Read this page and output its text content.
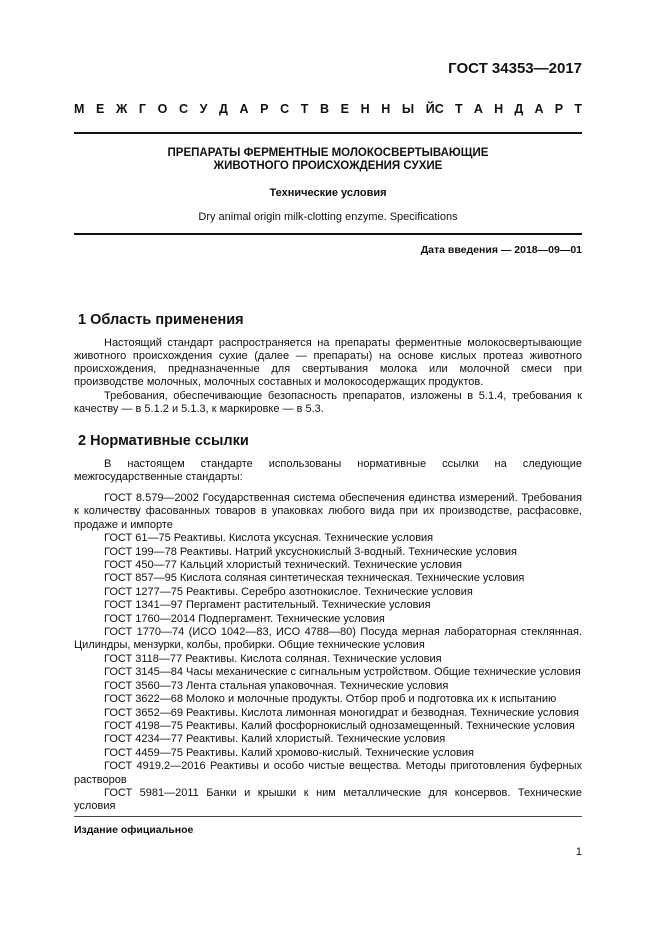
ГОСТ 34353—2017
М Е Ж Г О С У Д А Р С Т В Е Н Н Ы Й С Т А Н Д А Р Т
ПРЕПАРАТЫ ФЕРМЕНТНЫЕ МОЛОКОСВЕРТЫВАЮЩИЕ
ЖИВОТНОГО ПРОИСХОЖДЕНИЯ СУХИЕ
Технические условия
Dry animal origin milk-clotting enzyme. Specifications
Дата введения — 2018—09—01
1 Область применения
Настоящий стандарт распространяется на препараты ферментные молокосвертывающие животного происхождения сухие (далее — препараты) на основе кислых протеаз животного происхождения, предназначенные для свертывания молока или молочной смеси при производстве молочных, молочных составных и молокосодержащих продуктов.
Требования, обеспечивающие безопасность препаратов, изложены в 5.1.4, требования к качеству — в 5.1.2 и 5.1.3, к маркировке — в 5.3.
2 Нормативные ссылки
В настоящем стандарте использованы нормативные ссылки на следующие межгосударственные стандарты:
ГОСТ 8.579—2002 Государственная система обеспечения единства измерений. Требования к количеству фасованных товаров в упаковках любого вида при их производстве, расфасовке, продаже и импорте
ГОСТ 61—75 Реактивы. Кислота уксусная. Технические условия
ГОСТ 199—78 Реактивы. Натрий уксуснокислый 3-водный. Технические условия
ГОСТ 450—77 Кальций хлористый технический. Технические условия
ГОСТ 857—95 Кислота соляная синтетическая техническая. Технические условия
ГОСТ 1277—75 Реактивы. Серебро азотнокислое. Технические условия
ГОСТ 1341—97 Пергамент растительный. Технические условия
ГОСТ 1760—2014 Подпергамент. Технические условия
ГОСТ 1770—74 (ИСО 1042—83, ИСО 4788—80) Посуда мерная лабораторная стеклянная. Цилиндры, мензурки, колбы, пробирки. Общие технические условия
ГОСТ 3118—77 Реактивы. Кислота соляная. Технические условия
ГОСТ 3145—84 Часы механические с сигнальным устройством. Общие технические условия
ГОСТ 3560—73 Лента стальная упаковочная. Технические условия
ГОСТ 3622—68 Молоко и молочные продукты. Отбор проб и подготовка их к испытанию
ГОСТ 3652—69 Реактивы. Кислота лимонная моногидрат и безводная. Технические условия
ГОСТ 4198—75 Реактивы. Калий фосфорнокислый однозамещенный. Технические условия
ГОСТ 4234—77 Реактивы. Калий хлористый. Технические условия
ГОСТ 4459—75 Реактивы. Калий хромово-кислый. Технические условия
ГОСТ 4919.2—2016 Реактивы и особо чистые вещества. Методы приготовления буферных растворов
ГОСТ 5981—2011 Банки и крышки к ним металлические для консервов. Технические условия
Издание официальное
1
